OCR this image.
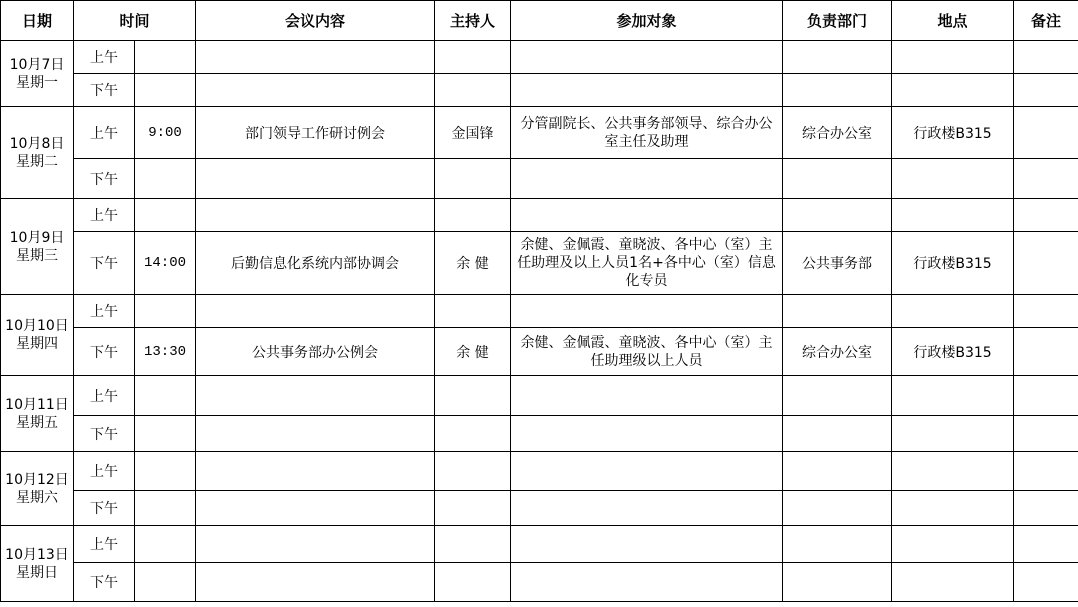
日期	时间		会议内容	主持人	参加对象	负责部门	地点	备注

10月7日
星期一	上午							
	下午							

10月8日
星期二	上午	9:00	部门领导工作研讨例会	金国锋	分管副院长、公共事务部领导、综合办公室主任及助理	综合办公室	行政楼B315	
	下午							

10月9日
星期三	上午							
	下午	14:00	后勤信息化系统内部协调会	余 健	余健、金佩霞、童晓波、各中心（室）主任助理及以上人员1名+各中心（室）信息化专员	公共事务部	行政楼B315	

10月10日
星期四	上午							
	下午	13:30	公共事务部办公例会	余 健	余健、金佩霞、童晓波、各中心（室）主任助理级以上人员	综合办公室	行政楼B315	

10月11日
星期五	上午							
	下午							

10月12日
星期六	上午							
	下午							

10月13日
星期日	上午							
	下午							
